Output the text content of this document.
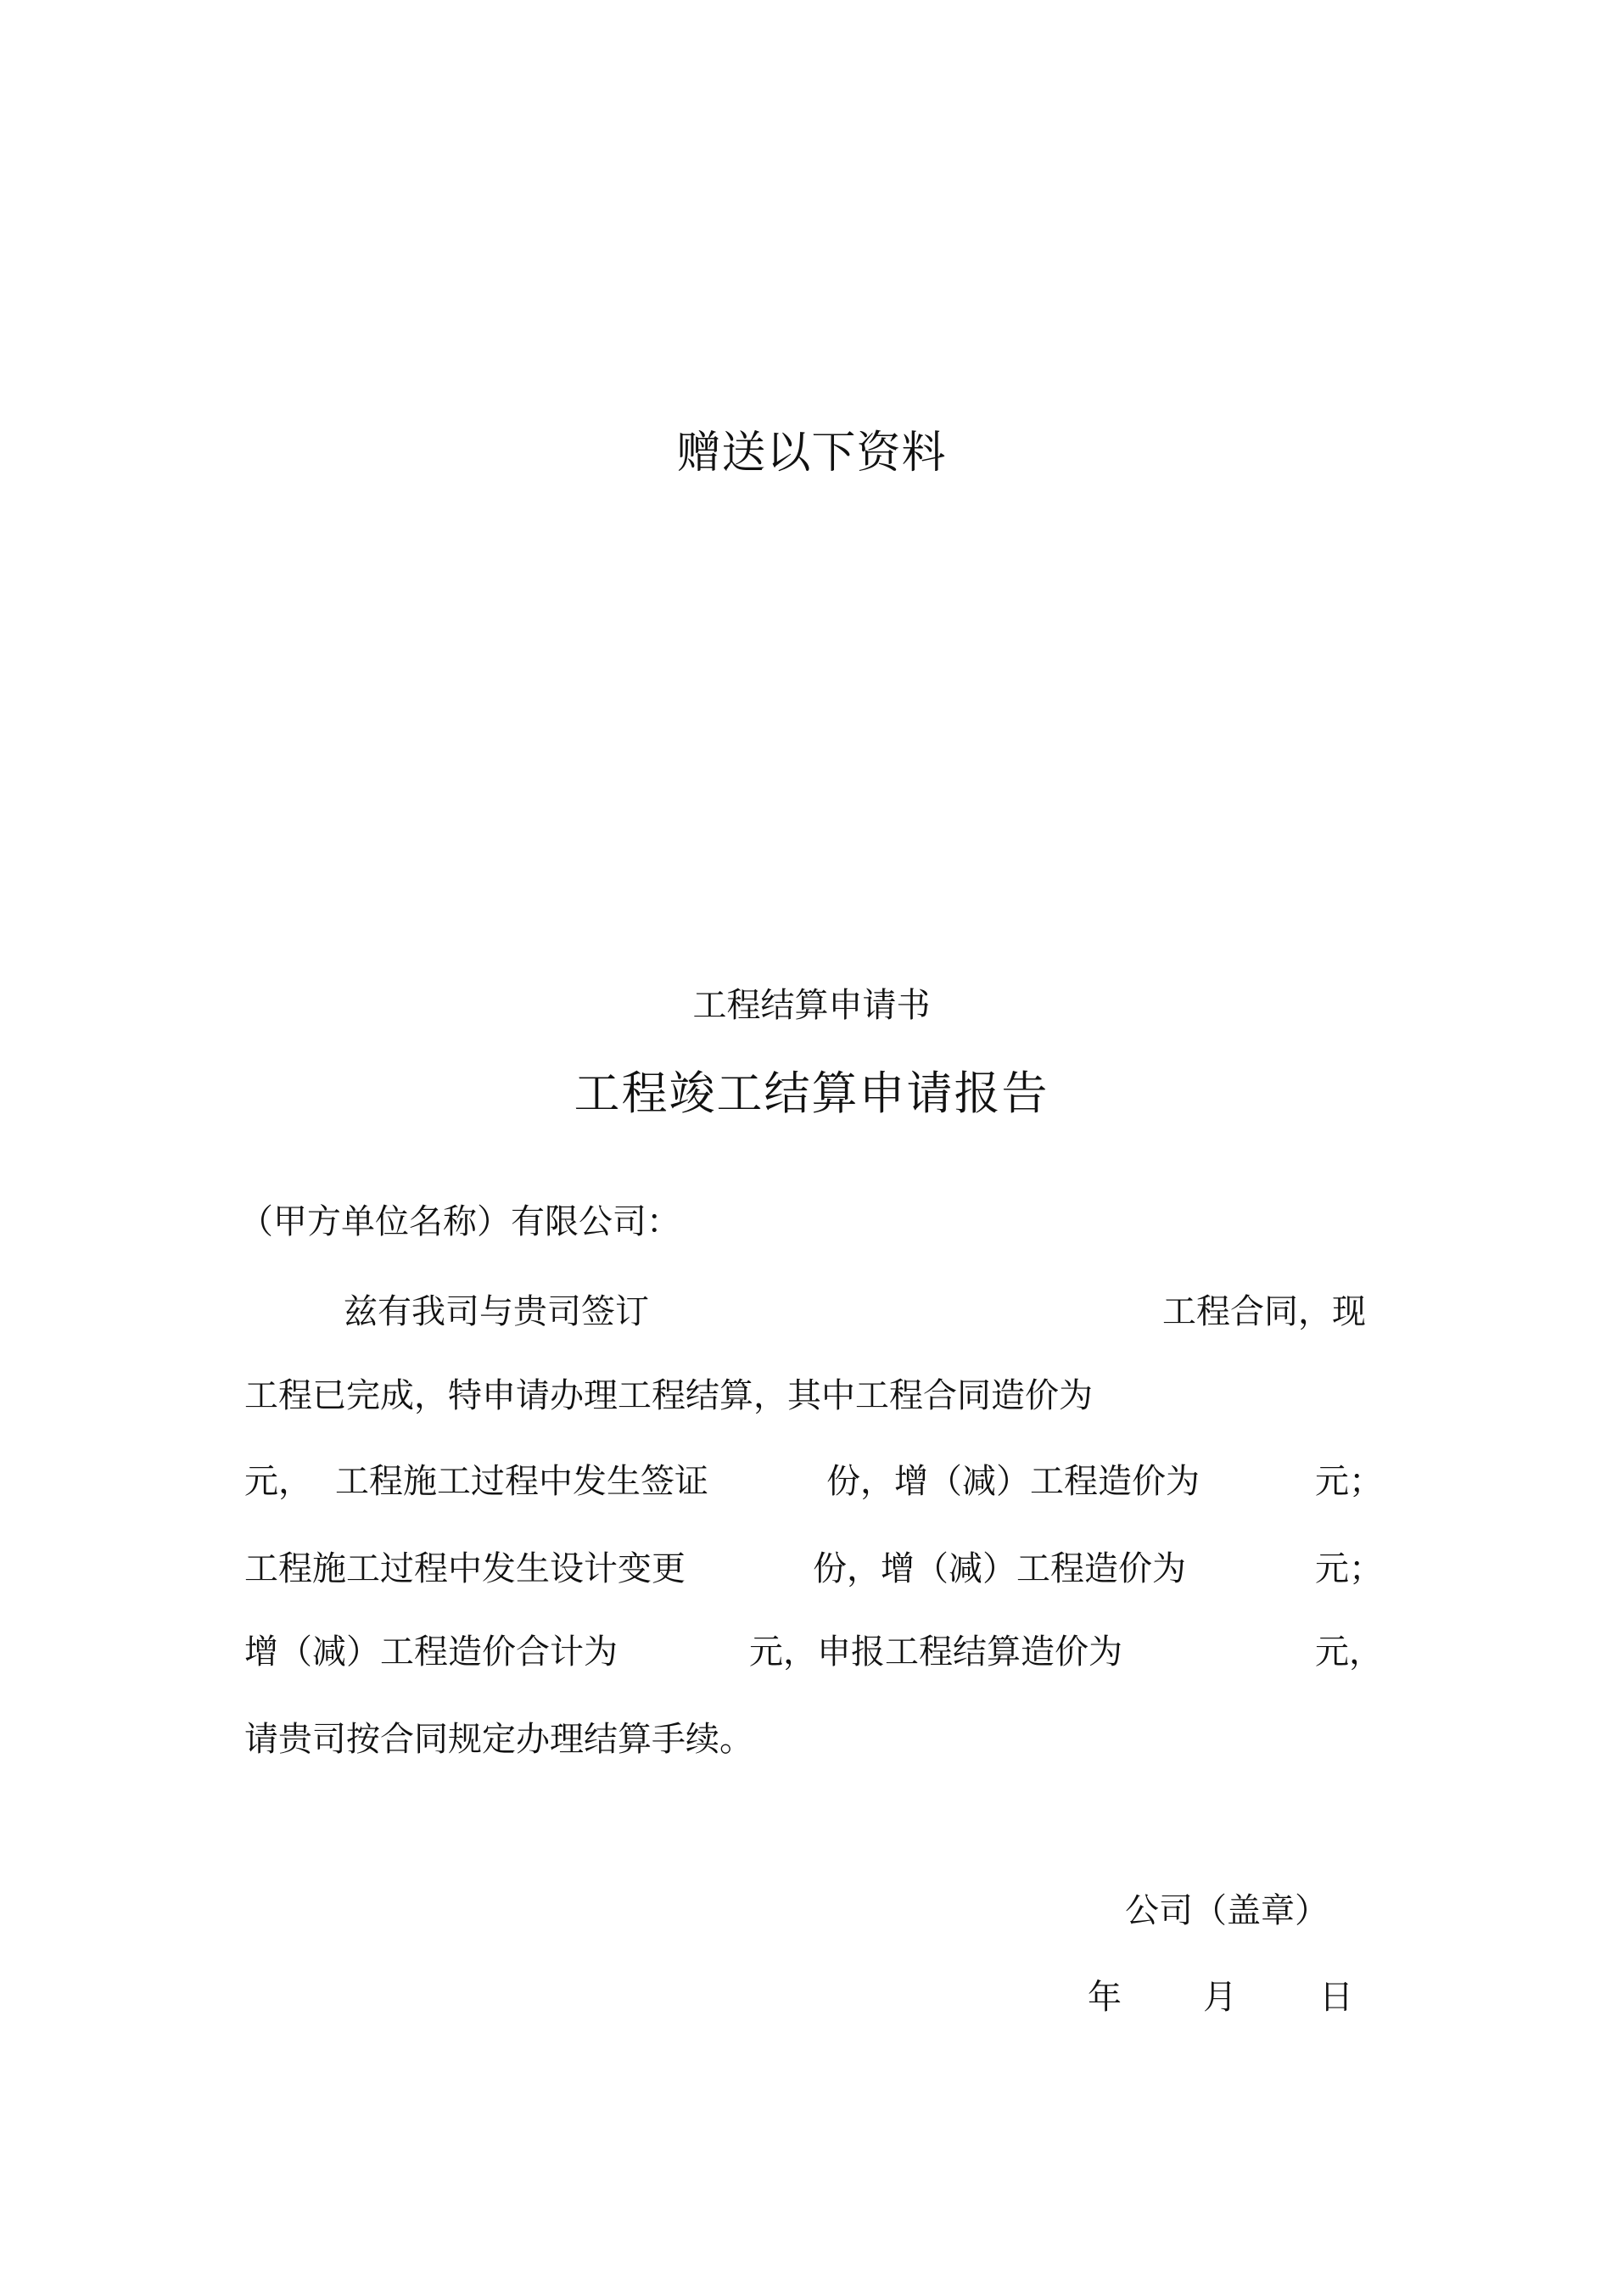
赠送以下资料
工程结算申请书
工程竣工结算申请报告
（甲方单位名称）有限公司：
兹有我司与贵司签订	工程合同，现
工程已完成，特申请办理工程结算，其中工程合同造价为
元， 工程施工过程中发生签证	份，增（减）工程造价为	元；
工程施工过程中发生设计变更	份，增（减）工程造价为	元；
增（减）工程造价合计为	元，申报工程结算造价为	元，
请贵司按合同规定办理结算手续。
公司（盖章）
年 月 日
